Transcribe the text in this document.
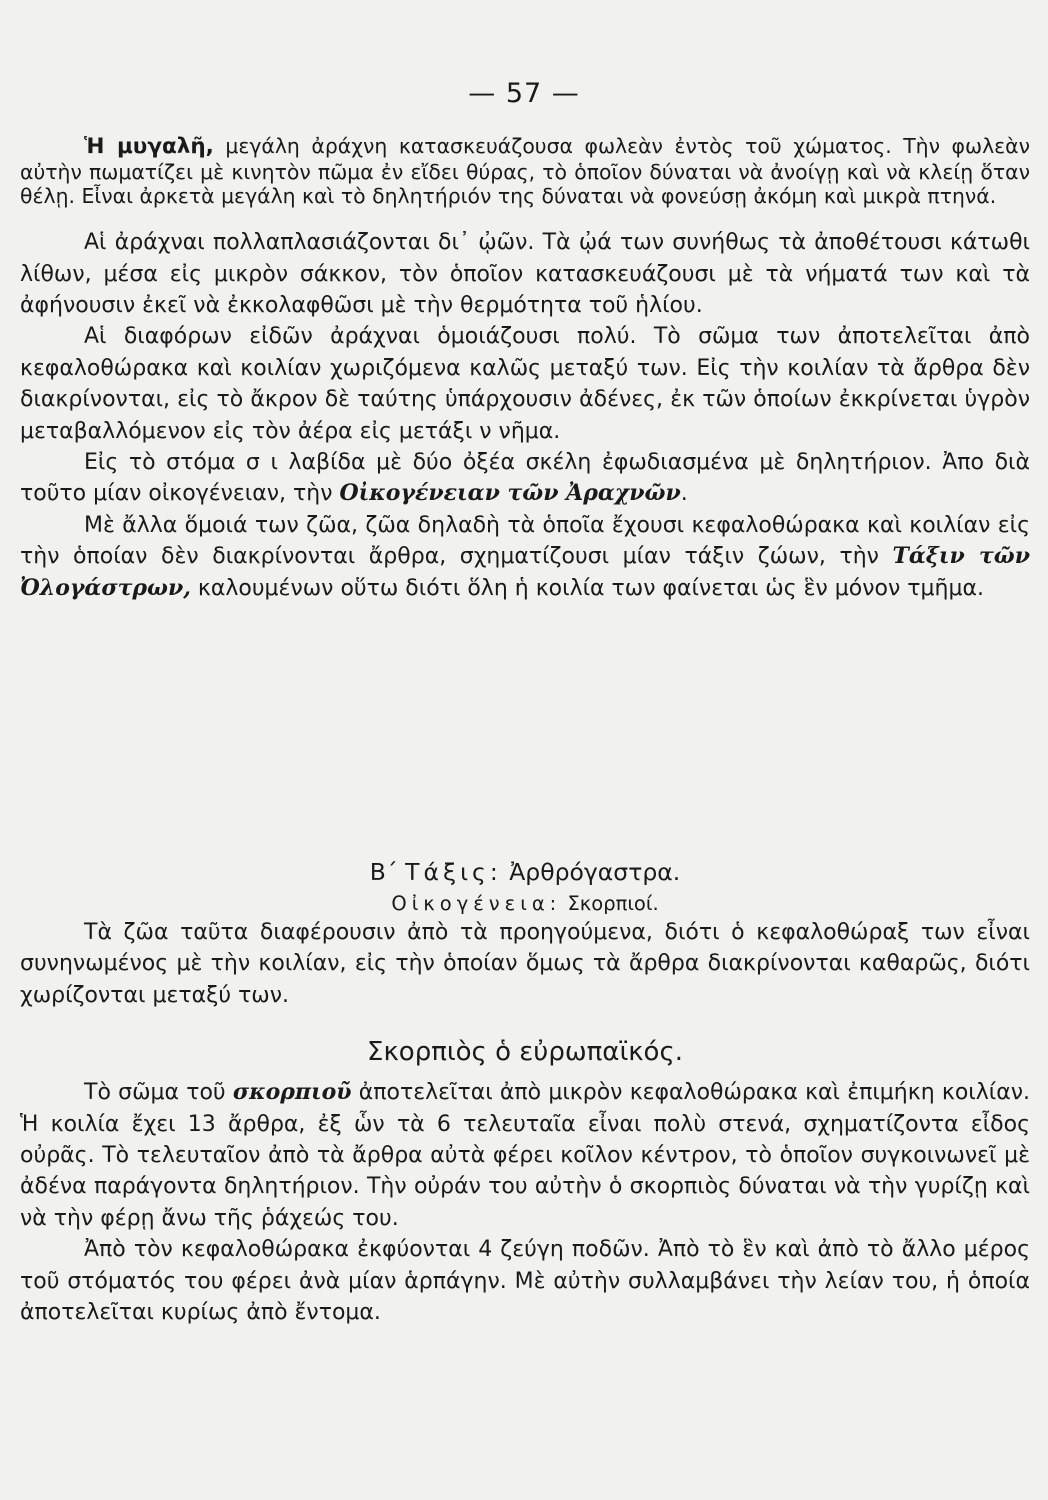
— 57 —

Ἡ μυγαλῆ, μεγάλη ἀράχνη κατασκευάζουσα φωλεὰν ἐντὸς τοῦ χώματος. Τὴν φωλεὰν αὐτὴν πωματίζει μὲ κινητὸν πῶμα ἐν εἴδει θύρας, τὸ ὁποῖον δύναται νὰ ἀνοίγῃ καὶ νὰ κλείῃ ὅταν θέλῃ. Εἶναι ἀρκετὰ μεγάλη καὶ τὸ δηλητήριόν της δύναται νὰ φονεύσῃ ἀκόμη καὶ μικρὰ πτηνά.

Αἱ ἀράχναι πολλαπλασιάζονται δι᾽ ᾠῶν. Τὰ ᾠά των συνήθως τὰ ἀποθέτουσι κάτωθι λίθων, μέσα εἰς μικρὸν σάκκον, τὸν ὁποῖον κατασκευάζουσι μὲ τὰ νήματά των καὶ τὰ ἀφήνουσιν ἐκεῖ νὰ ἐκκολαφθῶσι μὲ τὴν θερμότητα τοῦ ἡλίου.

Αἱ διαφόρων εἰδῶν ἀράχναι ὁμοιάζουσι πολύ. Τὸ σῶμα των ἀποτελεῖται ἀπὸ κεφαλοθώρακα καὶ κοιλίαν χωριζόμενα καλῶς μεταξύ των. Εἰς τὴν κοιλίαν τὰ ἄρθρα δὲν διακρίνονται, εἰς τὸ ἄκρον δὲ ταύτης ὑπάρχουσιν ἀδένες, ἐκ τῶν ὁποίων ἐκκρίνεται ὑγρὸν μεταβαλλόμενον εἰς τὸν ἀέρα εἰς μετάξι ν νῆμα.

Εἰς τὸ στόμα σ ι λαβίδα μὲ δύο ὀξέα σκέλη ἐφωδιασμένα μὲ δηλητήριον. Ἀπο διὰ τοῦτο μίαν οἰκογένειαν, τὴν Οἰκογένειαν τῶν Ἀραχνῶν.

Μὲ ἄλλα ὅμοιά των ζῶα, ζῶα δηλαδὴ τὰ ὁποῖα ἔχουσι κεφαλοθώρακα καὶ κοιλίαν εἰς τὴν ὁποίαν δὲν διακρίνονται ἄρθρα, σχηματίζουσι μίαν τάξιν ζώων, τὴν Τάξιν τῶν Ὀλογάστρων, καλουμένων οὕτω διότι ὅλη ἡ κοιλία των φαίνεται ὡς ἓν μόνον τμῆμα.

Β΄ Τάξις: Ἀρθρόγαστρα.

Οἰκογένεια: Σκορπιοί.

Τὰ ζῶα ταῦτα διαφέρουσιν ἀπὸ τὰ προηγούμενα, διότι ὁ κεφαλοθώραξ των εἶναι συνηνωμένος μὲ τὴν κοιλίαν, εἰς τὴν ὁποίαν ὅμως τὰ ἄρθρα διακρίνονται καθαρῶς, διότι χωρίζονται μεταξύ των.

Σκορπιὸς ὁ εὐρωπαϊκός.

Τὸ σῶμα τοῦ σκορπιοῦ ἀποτελεῖται ἀπὸ μικρὸν κεφαλοθώρακα καὶ ἐπιμήκη κοιλίαν. Ἡ κοιλία ἔχει 13 ἄρθρα, ἐξ ὧν τὰ 6 τελευταῖα εἶναι πολὺ στενά, σχηματίζοντα εἶδος οὐρᾶς. Τὸ τελευταῖον ἀπὸ τὰ ἄρθρα αὐτὰ φέρει κοῖλον κέντρον, τὸ ὁποῖον συγκοινωνεῖ μὲ ἀδένα παράγοντα δηλητήριον. Τὴν οὐράν του αὐτὴν ὁ σκορπιὸς δύναται νὰ τὴν γυρίζῃ καὶ νὰ τὴν φέρῃ ἄνω τῆς ῥάχεώς του.

Ἀπὸ τὸν κεφαλοθώρακα ἐκφύονται 4 ζεύγη ποδῶν. Ἀπὸ τὸ ἓν καὶ ἀπὸ τὸ ἄλλο μέρος τοῦ στόματός του φέρει ἀνὰ μίαν ἁρπάγην. Μὲ αὐτὴν συλλαμβάνει τὴν λείαν του, ἡ ὁποία ἀποτελεῖται κυρίως ἀπὸ ἔντομα.
